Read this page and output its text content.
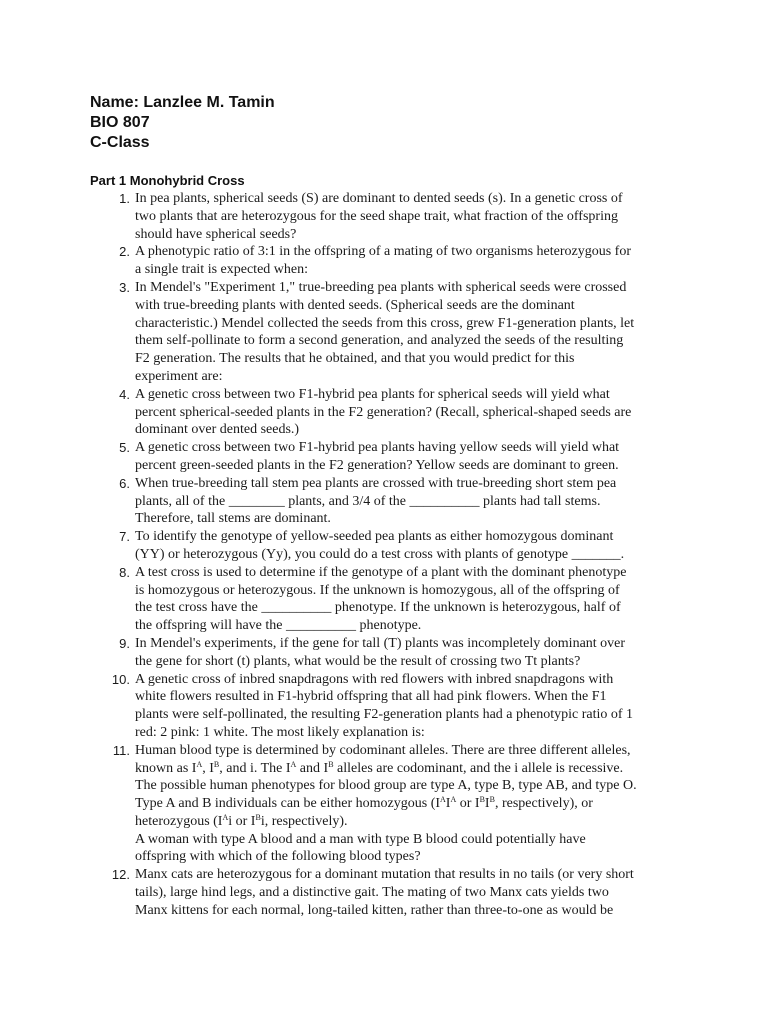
Name: Lanzlee M. Tamin
BIO 807
C-Class
Part 1 Monohybrid Cross
1. In pea plants, spherical seeds (S) are dominant to dented seeds (s). In a genetic cross of
two plants that are heterozygous for the seed shape trait, what fraction of the offspring
should have spherical seeds?
2. A phenotypic ratio of 3:1 in the offspring of a mating of two organisms heterozygous for
a single trait is expected when:
3. In Mendel's "Experiment 1," true-breeding pea plants with spherical seeds were crossed
with true-breeding plants with dented seeds. (Spherical seeds are the dominant
characteristic.) Mendel collected the seeds from this cross, grew F1-generation plants, let
them self-pollinate to form a second generation, and analyzed the seeds of the resulting
F2 generation. The results that he obtained, and that you would predict for this
experiment are:
4. A genetic cross between two F1-hybrid pea plants for spherical seeds will yield what
percent spherical-seeded plants in the F2 generation? (Recall, spherical-shaped seeds are
dominant over dented seeds.)
5. A genetic cross between two F1-hybrid pea plants having yellow seeds will yield what
percent green-seeded plants in the F2 generation? Yellow seeds are dominant to green.
6. When true-breeding tall stem pea plants are crossed with true-breeding short stem pea
plants, all of the ________ plants, and 3/4 of the __________ plants had tall stems.
Therefore, tall stems are dominant.
7. To identify the genotype of yellow-seeded pea plants as either homozygous dominant
(YY) or heterozygous (Yy), you could do a test cross with plants of genotype _______.
8. A test cross is used to determine if the genotype of a plant with the dominant phenotype
is homozygous or heterozygous. If the unknown is homozygous, all of the offspring of
the test cross have the __________ phenotype. If the unknown is heterozygous, half of
the offspring will have the __________ phenotype.
9. In Mendel's experiments, if the gene for tall (T) plants was incompletely dominant over
the gene for short (t) plants, what would be the result of crossing two Tt plants?
10. A genetic cross of inbred snapdragons with red flowers with inbred snapdragons with
white flowers resulted in F1-hybrid offspring that all had pink flowers. When the F1
plants were self-pollinated, the resulting F2-generation plants had a phenotypic ratio of 1
red: 2 pink: 1 white. The most likely explanation is:
11. Human blood type is determined by codominant alleles. There are three different alleles,
known as $I^A$, $I^B$, and i. The $I^A$ and $I^B$ alleles are codominant, and the i allele is recessive.
The possible human phenotypes for blood group are type A, type B, type AB, and type O.
Type A and B individuals can be either homozygous ($I^AI^A$ or $I^BI^B$, respectively), or
heterozygous ($I^Ai$ or $I^Bi$, respectively).
A woman with type A blood and a man with type B blood could potentially have
offspring with which of the following blood types?
12. Manx cats are heterozygous for a dominant mutation that results in no tails (or very short
tails), large hind legs, and a distinctive gait. The mating of two Manx cats yields two
Manx kittens for each normal, long-tailed kitten, rather than three-to-one as would be
